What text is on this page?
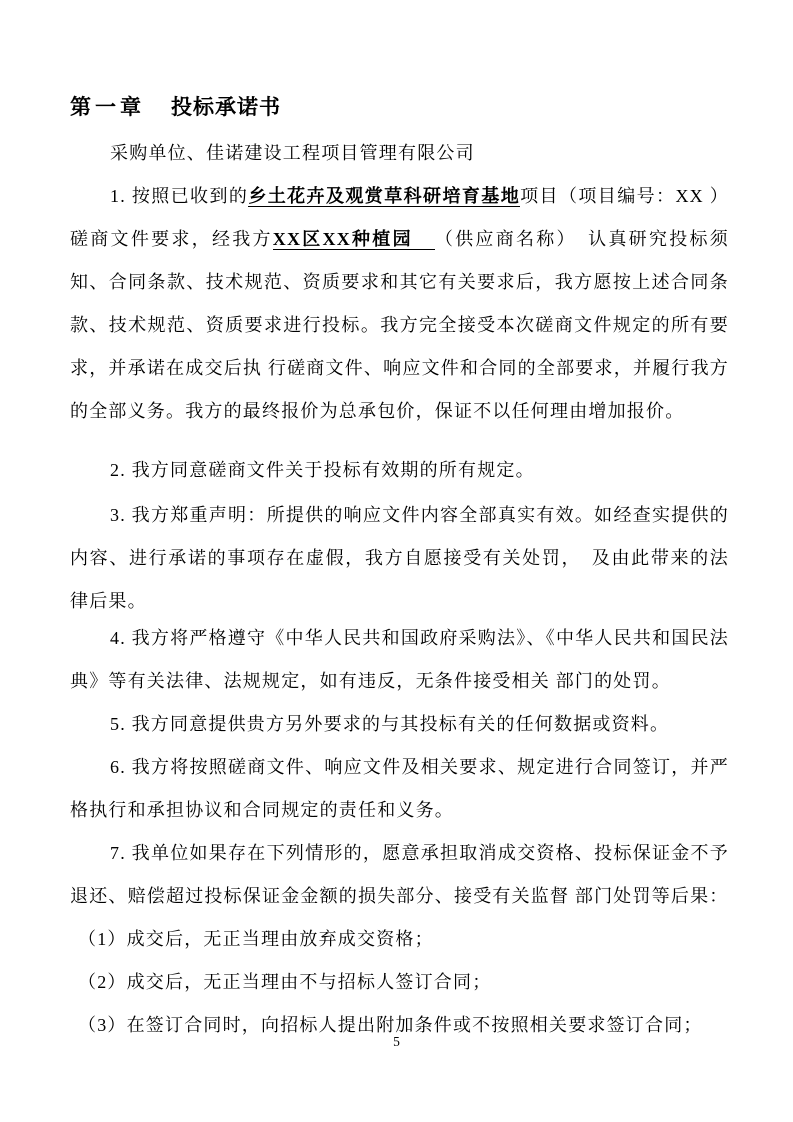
第一章 投标承诺书

采购单位、佳诺建设工程项目管理有限公司

1. 按照已收到的乡土花卉及观赏草科研培育基地项目（项目编号：XX ）磋商文件要求，经我方XX区XX种植园 （供应商名称）　认真研究投标须知、合同条款、技术规范、资质要求和其它有关要求后，我方愿按上述合同条款、技术规范、资质要求进行投标。我方完全接受本次磋商文件规定的所有要求，并承诺在成交后执 行磋商文件、响应文件和合同的全部要求，并履行我方的全部义务。我方的最终报价为总承包价，保证不以任何理由增加报价。

2. 我方同意磋商文件关于投标有效期的所有规定。

3. 我方郑重声明：所提供的响应文件内容全部真实有效。如经查实提供的内容、进行承诺的事项存在虚假，我方自愿接受有关处罚，　及由此带来的法律后果。

4. 我方将严格遵守《中华人民共和国政府采购法》、《中华人民共和国民法典》等有关法律、法规规定，如有违反，无条件接受相关 部门的处罚。

5. 我方同意提供贵方另外要求的与其投标有关的任何数据或资料。

6. 我方将按照磋商文件、响应文件及相关要求、规定进行合同签订，并严格执行和承担协议和合同规定的责任和义务。

7. 我单位如果存在下列情形的，愿意承担取消成交资格、投标保证金不予退还、赔偿超过投标保证金金额的损失部分、接受有关监督 部门处罚等后果：

（1）成交后，无正当理由放弃成交资格；

（2）成交后，无正当理由不与招标人签订合同；

（3）在签订合同时，向招标人提出附加条件或不按照相关要求签订合同；

5
